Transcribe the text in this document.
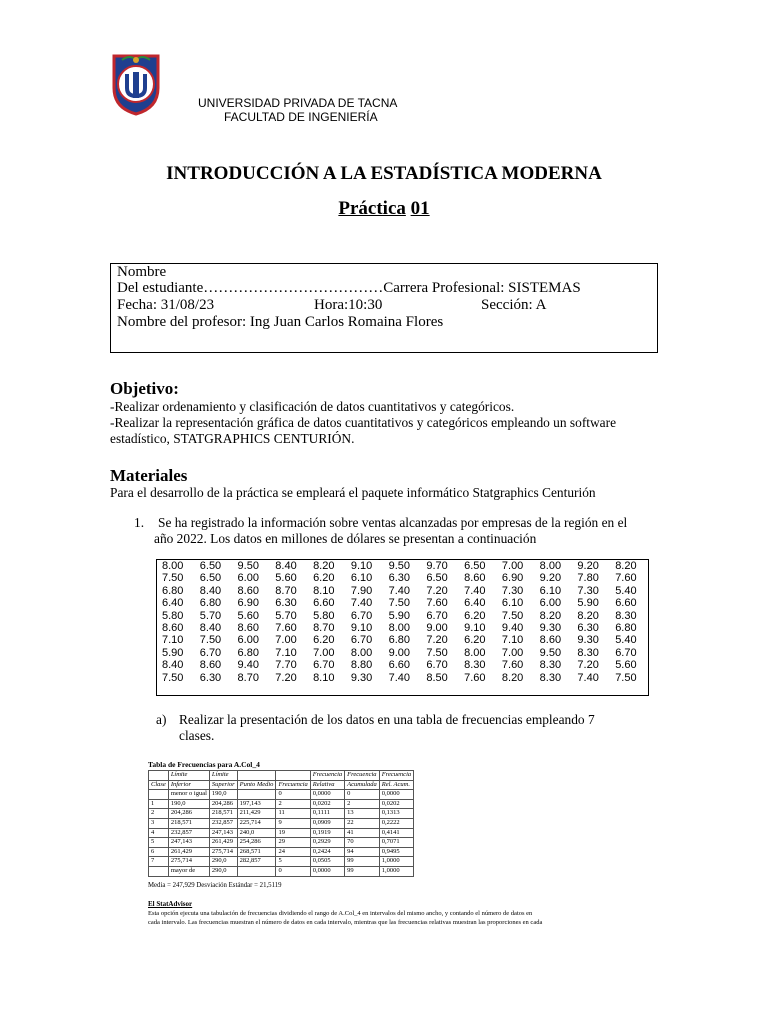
UNIVERSIDAD PRIVADA DE TACNA
FACULTAD DE INGENIERÍA
INTRODUCCIÓN A LA ESTADÍSTICA MODERNA
Práctica 01
Nombre
Del estudiante………………………………Carrera Profesional: SISTEMAS
Fecha: 31/08/23	Hora:10:30	Sección: A
Nombre del profesor: Ing Juan Carlos Romaina Flores
Objetivo:
-Realizar ordenamiento y clasificación de datos cuantitativos y categóricos.
-Realizar la representación gráfica de datos cuantitativos y categóricos empleando un software
estadístico, STATGRAPHICS CENTURIÓN.
Materiales
Para el desarrollo de la práctica se empleará el paquete informático Statgraphics Centurión
1. Se ha registrado la información sobre ventas alcanzadas por empresas de la región en el
año 2022. Los datos en millones de dólares se presentan a continuación
8.00	6.50	9.50	8.40	8.20	9.10	9.50	9.70	6.50	7.00	8.00	9.20	8.20
7.50	6.50	6.00	5.60	6.20	6.10	6.30	6.50	8.60	6.90	9.20	7.80	7.60
6.80	8.40	8.60	8.70	8.10	7.90	7.40	7.20	7.40	7.30	6.10	7.30	5.40
6.40	6.80	6.90	6.30	6.60	7.40	7.50	7.60	6.40	6.10	6.00	5.90	6.60
5.80	5.70	5.60	5.70	5.80	6.70	5.90	6.70	6.20	7.50	8.20	8.20	8.30
8.60	8.40	8.60	7.60	8.70	9.10	8.00	9.00	9.10	9.40	9.30	6.30	6.80
7.10	7.50	6.00	7.00	6.20	6.70	6.80	7.20	6.20	7.10	8.60	9.30	5.40
5.90	6.70	6.80	7.10	7.00	8.00	9.00	7.50	8.00	7.00	9.50	8.30	6.70
8.40	8.60	9.40	7.70	6.70	8.80	6.60	6.70	8.30	7.60	8.30	7.20	5.60
7.50	6.30	8.70	7.20	8.10	9.30	7.40	8.50	7.60	8.20	8.30	7.40	7.50
a) Realizar la presentación de los datos en una tabla de frecuencias empleando 7
clases.
Tabla de Frecuencias para A.Col_4
	Límite	Límite			Frecuencia	Frecuencia	Frecuencia
Clase	Inferior	Superior	Punto Medio	Frecuencia	Relativa	Acumulada	Rel. Acum.
	menor o igual	190,0		0	0,0000	0	0,0000
1	190,0	204,286	197,143	2	0,0202	2	0,0202
2	204,286	218,571	211,429	11	0,1111	13	0,1313
3	218,571	232,857	225,714	9	0,0909	22	0,2222
4	232,857	247,143	240,0	19	0,1919	41	0,4141
5	247,143	261,429	254,286	29	0,2929	70	0,7071
6	261,429	275,714	268,571	24	0,2424	94	0,9495
7	275,714	290,0	282,857	5	0,0505	99	1,0000
	mayor de	290,0		0	0,0000	99	1,0000
Media = 247,929 Desviación Estándar = 21,5119
El StatAdvisor
Esta opción ejecuta una tabulación de frecuencias dividiendo el rango de A.Col_4 en intervalos del mismo ancho, y contando el número de datos en
cada intervalo. Las frecuencias muestran el número de datos en cada intervalo, mientras que las frecuencias relativas muestran las proporciones en cada
